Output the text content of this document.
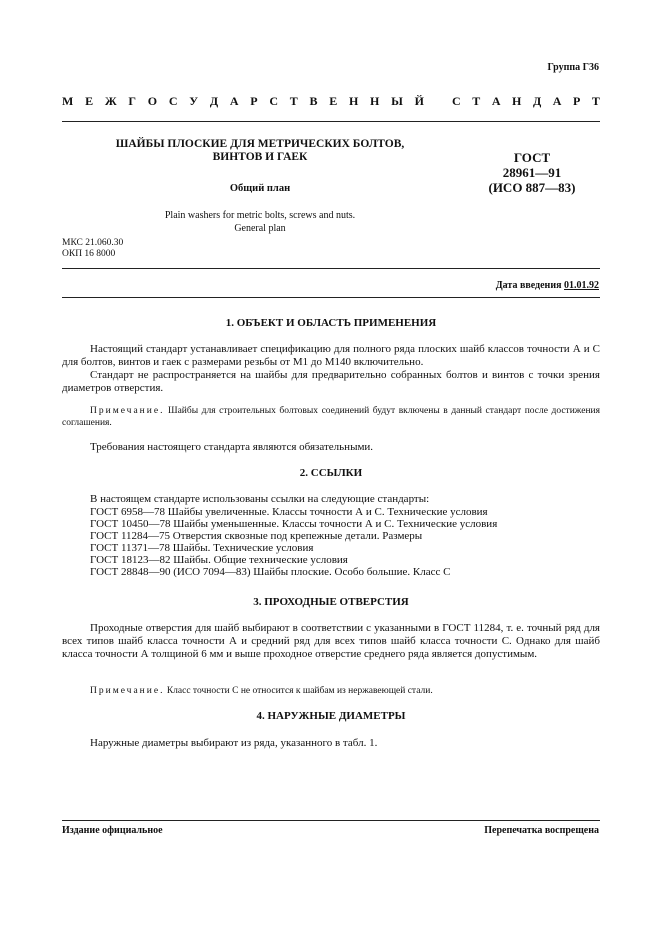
Группа Г36
М Е Ж Г О С У Д А Р С Т В Е Н Н Ы Й С Т А Н Д А Р Т
ШАЙБЫ ПЛОСКИЕ ДЛЯ МЕТРИЧЕСКИХ БОЛТОВ,
ВИНТОВ И ГАЕК
Общий план
Plain washers for metric bolts, screws and nuts.
General plan
ГОСТ
28961—91
(ИСО 887—83)
МКС 21.060.30
ОКП 16 8000
Дата введения 01.01.92
1. ОБЪЕКТ И ОБЛАСТЬ ПРИМЕНЕНИЯ
Настоящий стандарт устанавливает спецификацию для полного ряда плоских шайб классов точности А и С для болтов, винтов и гаек с размерами резьбы от М1 до М140 включительно.
Стандарт не распространяется на шайбы для предварительно собранных болтов и винтов с точки зрения диаметров отверстия.
Примечание. Шайбы для строительных болтовых соединений будут включены в данный стандарт после достижения соглашения.
Требования настоящего стандарта являются обязательными.
2. ССЫЛКИ
В настоящем стандарте использованы ссылки на следующие стандарты:
ГОСТ 6958—78 Шайбы увеличенные. Классы точности А и С. Технические условия
ГОСТ 10450—78 Шайбы уменьшенные. Классы точности А и С. Технические условия
ГОСТ 11284—75 Отверстия сквозные под крепежные детали. Размеры
ГОСТ 11371—78 Шайбы. Технические условия
ГОСТ 18123—82 Шайбы. Общие технические условия
ГОСТ 28848—90 (ИСО 7094—83) Шайбы плоские. Особо большие. Класс С
3. ПРОХОДНЫЕ ОТВЕРСТИЯ
Проходные отверстия для шайб выбирают в соответствии с указанными в ГОСТ 11284, т. е. точный ряд для всех типов шайб класса точности А и средний ряд для всех типов шайб класса точности С. Однако для шайб класса точности А толщиной 6 мм и выше проходное отверстие среднего ряда является допустимым.
Примечание. Класс точности С не относится к шайбам из нержавеющей стали.
4. НАРУЖНЫЕ ДИАМЕТРЫ
Наружные диаметры выбирают из ряда, указанного в табл. 1.
Издание официальное	Перепечатка воспрещена
